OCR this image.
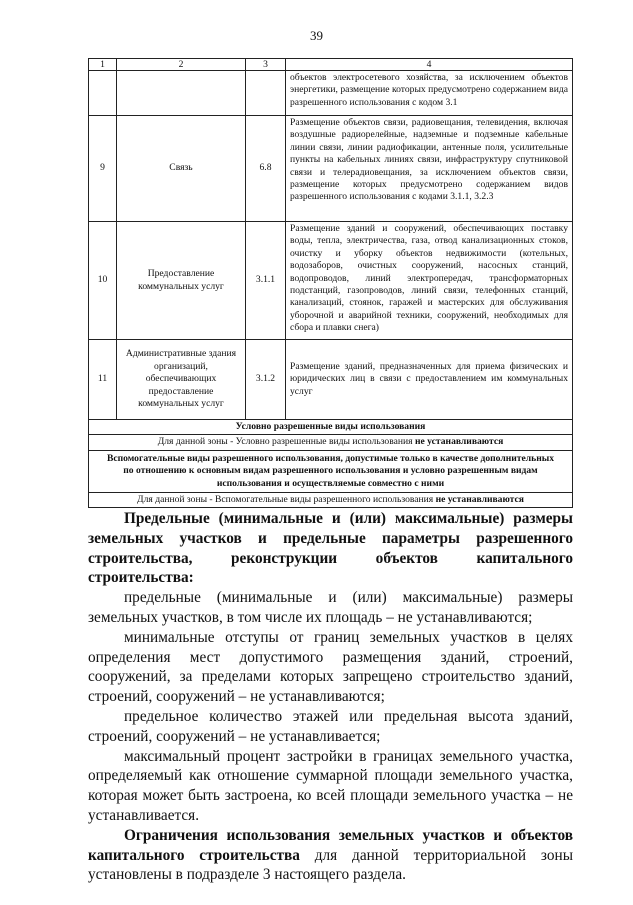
39
1	2	3	4
			объектов электросетевого хозяйства, за исключением объектов энергетики, размещение которых предусмотрено содержанием вида разрешенного использования с кодом 3.1
9	Связь	6.8	Размещение объектов связи, радиовещания, телевидения, включая воздушные радиорелейные, надземные и подземные кабельные линии связи, линии радиофикации, антенные поля, усилительные пункты на кабельных линиях связи, инфраструктуру спутниковой связи и телерадиовещания, за исключением объектов связи, размещение которых предусмотрено содержанием видов разрешенного использования с кодами 3.1.1, 3.2.3
10	Предоставление коммунальных услуг	3.1.1	Размещение зданий и сооружений, обеспечивающих поставку воды, тепла, электричества, газа, отвод канализационных стоков, очистку и уборку объектов недвижимости (котельных, водозаборов, очистных сооружений, насосных станций, водопроводов, линий электропередач, трансформаторных подстанций, газопроводов, линий связи, телефонных станций, канализаций, стоянок, гаражей и мастерских для обслуживания уборочной и аварийной техники, сооружений, необходимых для сбора и плавки снега)
11	Административные здания организаций, обеспечивающих предоставление коммунальных услуг	3.1.2	Размещение зданий, предназначенных для приема физических и юридических лиц в связи с предоставлением им коммунальных услуг
Условно разрешенные виды использования			
Для данной зоны - Условно разрешенные виды использования не устанавливаются			
Вспомогательные виды разрешенного использования, допустимые только в качестве дополнительных по отношению к основным видам разрешенного использования и условно разрешенным видам использования и осуществляемые совместно с ними			
Для данной зоны - Вспомогательные виды разрешенного использования не устанавливаются			

Предельные (минимальные и (или) максимальные) размеры земельных участков и предельные параметры разрешенного строительства, реконструкции объектов капитального строительства:

предельные (минимальные и (или) максимальные) размеры земельных участков, в том числе их площадь – не устанавливаются;

минимальные отступы от границ земельных участков в целях определения мест допустимого размещения зданий, строений, сооружений, за пределами которых запрещено строительство зданий, строений, сооружений – не устанавливаются;

предельное количество этажей или предельная высота зданий, строений, сооружений – не устанавливается;

максимальный процент застройки в границах земельного участка, определяемый как отношение суммарной площади земельного участка, которая может быть застроена, ко всей площади земельного участка – не устанавливается.

Ограничения использования земельных участков и объектов капитального строительства для данной территориальной зоны установлены в подразделе 3 настоящего раздела.
